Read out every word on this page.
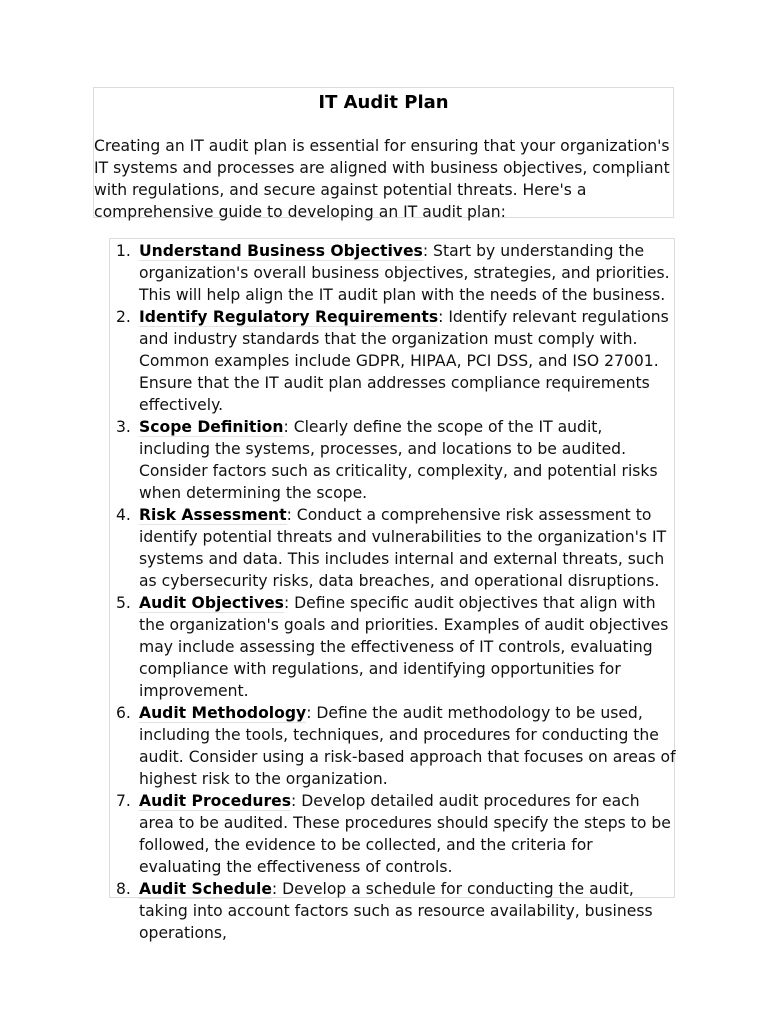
IT Audit Plan

Creating an IT audit plan is essential for ensuring that your organization's IT systems and processes are aligned with business objectives, compliant with regulations, and secure against potential threats. Here's a comprehensive guide to developing an IT audit plan:

1. Understand Business Objectives: Start by understanding the organization's overall business objectives, strategies, and priorities. This will help align the IT audit plan with the needs of the business.
2. Identify Regulatory Requirements: Identify relevant regulations and industry standards that the organization must comply with. Common examples include GDPR, HIPAA, PCI DSS, and ISO 27001. Ensure that the IT audit plan addresses compliance requirements effectively.
3. Scope Definition: Clearly define the scope of the IT audit, including the systems, processes, and locations to be audited. Consider factors such as criticality, complexity, and potential risks when determining the scope.
4. Risk Assessment: Conduct a comprehensive risk assessment to identify potential threats and vulnerabilities to the organization's IT systems and data. This includes internal and external threats, such as cybersecurity risks, data breaches, and operational disruptions.
5. Audit Objectives: Define specific audit objectives that align with the organization's goals and priorities. Examples of audit objectives may include assessing the effectiveness of IT controls, evaluating compliance with regulations, and identifying opportunities for improvement.
6. Audit Methodology: Define the audit methodology to be used, including the tools, techniques, and procedures for conducting the audit. Consider using a risk-based approach that focuses on areas of highest risk to the organization.
7. Audit Procedures: Develop detailed audit procedures for each area to be audited. These procedures should specify the steps to be followed, the evidence to be collected, and the criteria for evaluating the effectiveness of controls.
8. Audit Schedule: Develop a schedule for conducting the audit, taking into account factors such as resource availability, business operations,
